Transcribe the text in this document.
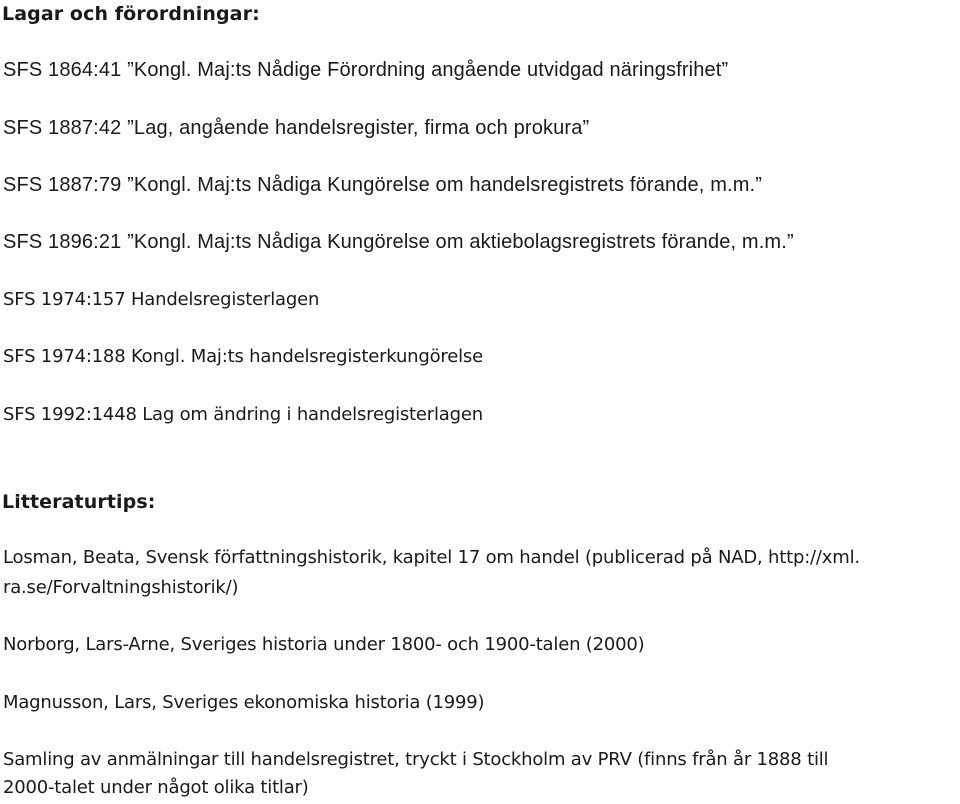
Lagar och förordningar:

SFS 1864:41 ”Kongl. Maj:ts Nådige Förordning angående utvidgad näringsfrihet”

SFS 1887:42 ”Lag, angående handelsregister, firma och prokura”

SFS 1887:79 ”Kongl. Maj:ts Nådiga Kungörelse om handelsregistrets förande, m.m.”

SFS 1896:21 ”Kongl. Maj:ts Nådiga Kungörelse om aktiebolagsregistrets förande, m.m.”

SFS 1974:157 Handelsregisterlagen

SFS 1974:188 Kongl. Maj:ts handelsregisterkungörelse

SFS 1992:1448 Lag om ändring i handelsregisterlagen

Litteraturtips:

Losman, Beata, Svensk författningshistorik, kapitel 17 om handel (publicerad på NAD, http://xml.

ra.se/Forvaltningshistorik/)

Norborg, Lars-Arne, Sveriges historia under 1800- och 1900-talen (2000)

Magnusson, Lars, Sveriges ekonomiska historia (1999)

Samling av anmälningar till handelsregistret, tryckt i Stockholm av PRV (finns från år 1888 till

2000-talet under något olika titlar)
